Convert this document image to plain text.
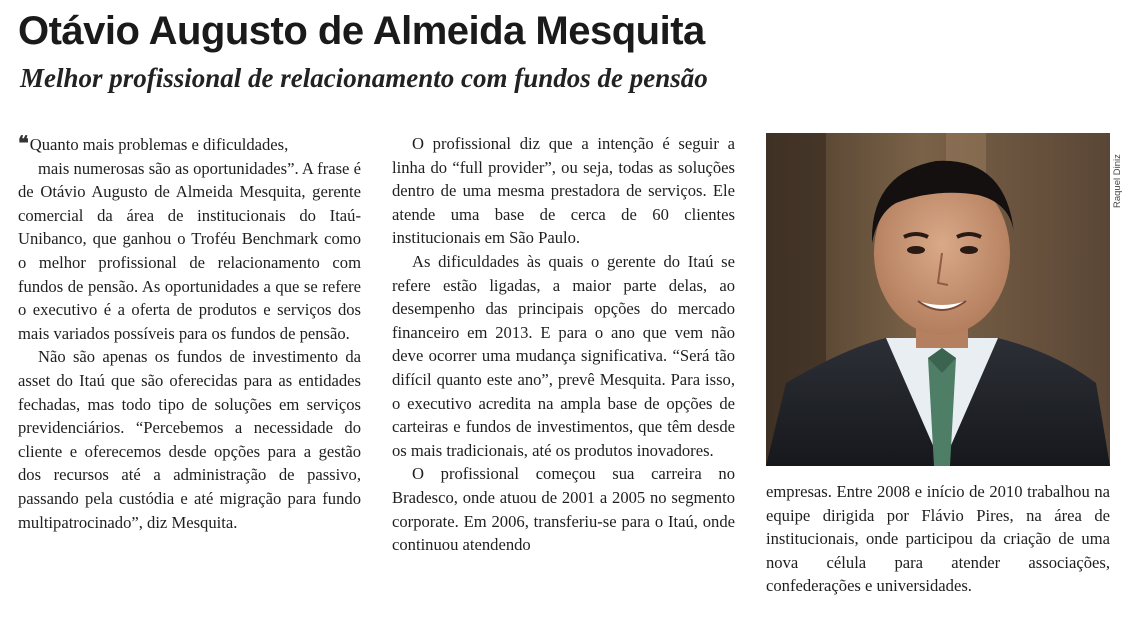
Otávio Augusto de Almeida Mesquita
Melhor profissional de relacionamento com fundos de pensão

❝ Quanto mais problemas e dificuldades,
mais numerosas são as oportunidades”. A frase é de Otávio Augusto de Almeida Mesquita, gerente comercial da área de institucionais do Itaú-Unibanco, que ganhou o Troféu Benchmark como o melhor profissional de relacionamento com fundos de pensão. As oportunidades a que se refere o executivo é a oferta de produtos e serviços dos mais variados possíveis para os fundos de pensão.

Não são apenas os fundos de investimento da asset do Itaú que são oferecidas para as entidades fechadas, mas todo tipo de soluções em serviços previdenciários. “Percebemos a necessidade do cliente e oferecemos desde opções para a gestão dos recursos até a administração de passivo, passando pela custódia e até migração para fundo multipatrocinado”, diz Mesquita.

O profissional diz que a intenção é seguir a linha do “full provider”, ou seja, todas as soluções dentro de uma mesma prestadora de serviços. Ele atende uma base de cerca de 60 clientes institucionais em São Paulo.

As dificuldades às quais o gerente do Itaú se refere estão ligadas, a maior parte delas, ao desempenho das principais opções do mercado financeiro em 2013. E para o ano que vem não deve ocorrer uma mudança significativa. “Será tão difícil quanto este ano”, prevê Mesquita. Para isso, o executivo acredita na ampla base de opções de carteiras e fundos de investimentos, que têm desde os mais tradicionais, até os produtos inovadores.

O profissional começou sua carreira no Bradesco, onde atuou de 2001 a 2005 no segmento corporate. Em 2006, transferiu-se para o Itaú, onde continuou atendendo

Raquel Diniz

empresas. Entre 2008 e início de 2010 trabalhou na equipe dirigida por Flávio Pires, na área de institucionais, onde participou da criação de uma nova célula para atender associações, confederações e universidades.
